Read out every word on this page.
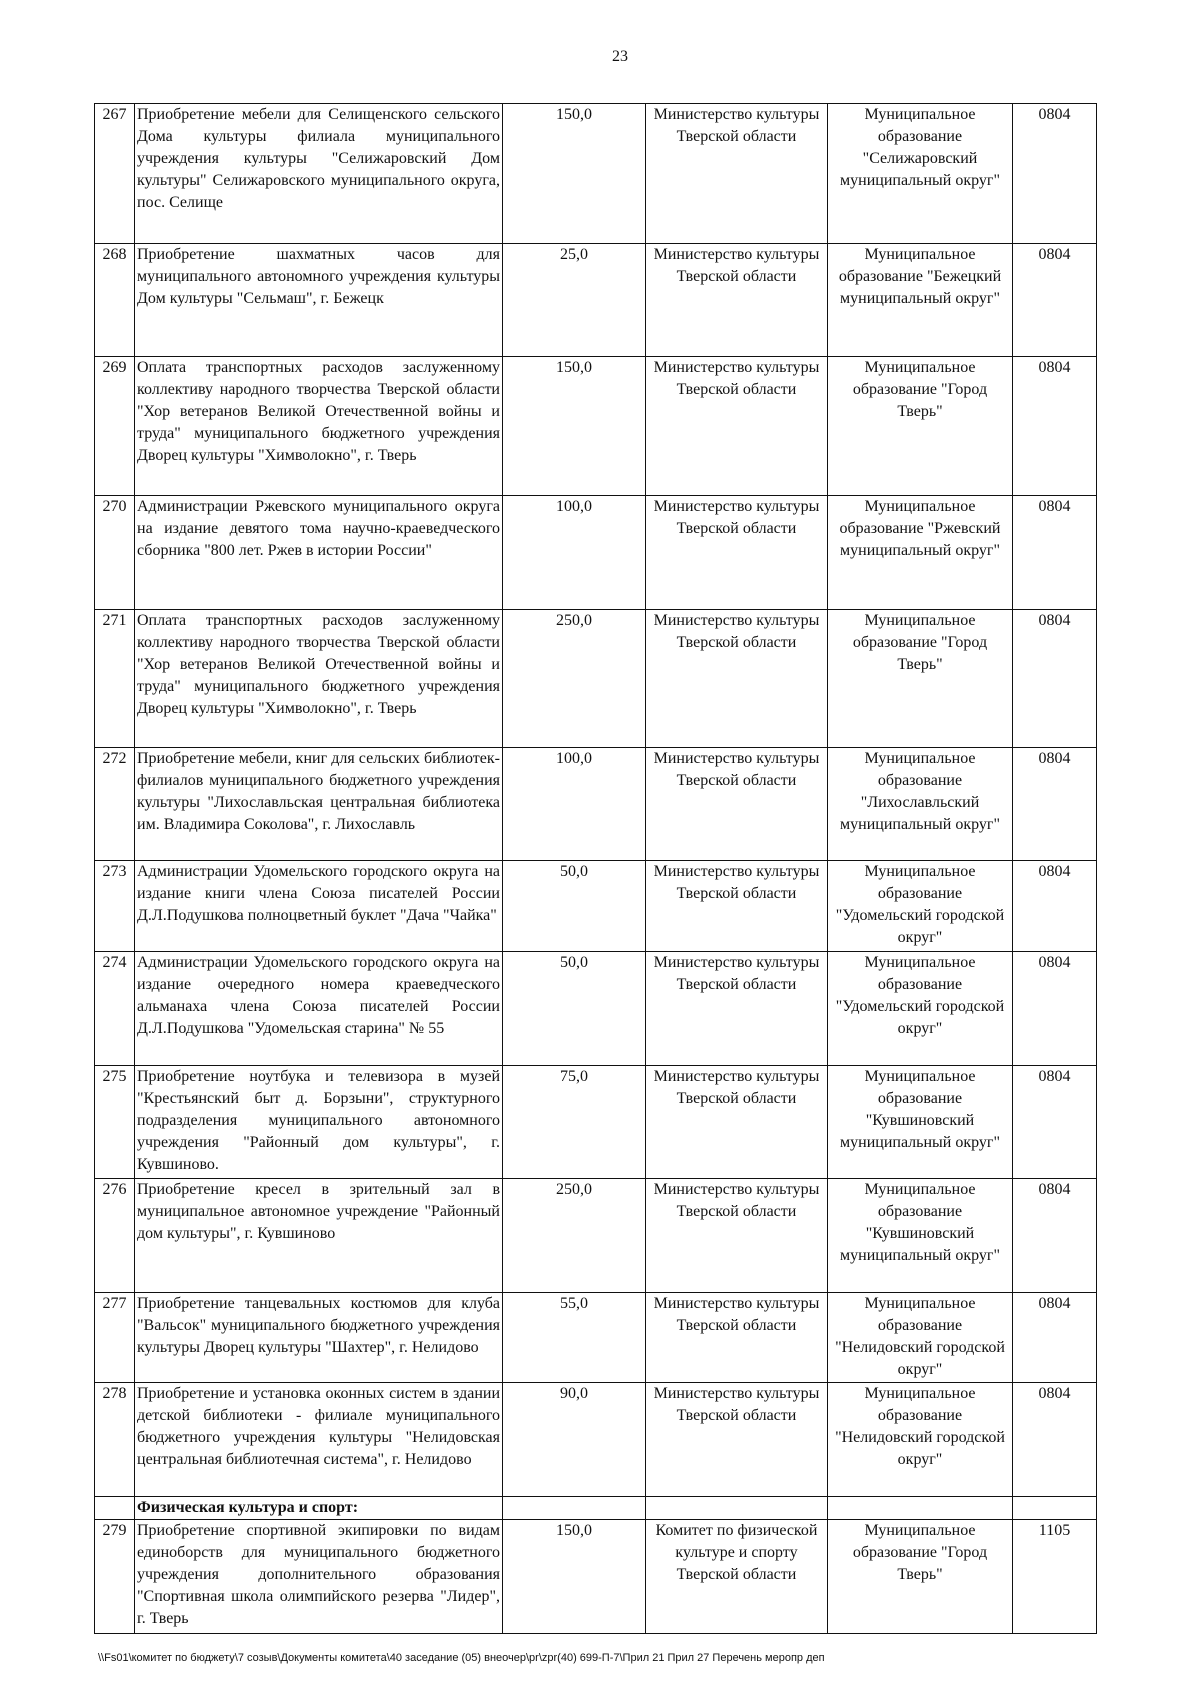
23
267	Приобретение мебели для Селищенского сельского Дома культуры филиала муниципального учреждения культуры "Селижаровский Дом культуры" Селижаровского муниципального округа, пос. Селище	150,0	Министерство культуры Тверской области	Муниципальное образование "Селижаровский муниципальный округ"	0804
268	Приобретение шахматных часов для муниципального автономного учреждения культуры Дом культуры "Сельмаш", г. Бежецк	25,0	Министерство культуры Тверской области	Муниципальное образование "Бежецкий муниципальный округ"	0804
269	Оплата транспортных расходов заслуженному коллективу народного творчества Тверской области "Хор ветеранов Великой Отечественной войны и труда" муниципального бюджетного учреждения Дворец культуры "Химволокно", г. Тверь	150,0	Министерство культуры Тверской области	Муниципальное образование "Город Тверь"	0804
270	Администрации Ржевского муниципального округа на издание девятого тома научно-краеведческого сборника "800 лет. Ржев в истории России"	100,0	Министерство культуры Тверской области	Муниципальное образование "Ржевский муниципальный округ"	0804
271	Оплата транспортных расходов заслуженному коллективу народного творчества Тверской области "Хор ветеранов Великой Отечественной войны и труда" муниципального бюджетного учреждения Дворец культуры "Химволокно", г. Тверь	250,0	Министерство культуры Тверской области	Муниципальное образование "Город Тверь"	0804
272	Приобретение мебели, книг для сельских библиотек-филиалов муниципального бюджетного учреждения культуры "Лихославльская центральная библиотека им. Владимира Соколова", г. Лихославль	100,0	Министерство культуры Тверской области	Муниципальное образование "Лихославльский муниципальный округ"	0804
273	Администрации Удомельского городского округа на издание книги члена Союза писателей России Д.Л.Подушкова полноцветный буклет "Дача "Чайка"	50,0	Министерство культуры Тверской области	Муниципальное образование "Удомельский городской округ"	0804
274	Администрации Удомельского городского округа на издание очередного номера краеведческого альманаха члена Союза писателей России Д.Л.Подушкова "Удомельская старина" № 55	50,0	Министерство культуры Тверской области	Муниципальное образование "Удомельский городской округ"	0804
275	Приобретение ноутбука и телевизора в музей "Крестьянский быт д. Борзыни", структурного подразделения муниципального автономного учреждения "Районный дом культуры", г. Кувшиново.	75,0	Министерство культуры Тверской области	Муниципальное образование "Кувшиновский муниципальный округ"	0804
276	Приобретение кресел в зрительный зал в муниципальное автономное учреждение "Районный дом культуры", г. Кувшиново	250,0	Министерство культуры Тверской области	Муниципальное образование "Кувшиновский муниципальный округ"	0804
277	Приобретение танцевальных костюмов для клуба "Вальсок" муниципального бюджетного учреждения культуры Дворец культуры "Шахтер", г. Нелидово	55,0	Министерство культуры Тверской области	Муниципальное образование "Нелидовский городской округ"	0804
278	Приобретение и установка оконных систем в здании детской библиотеки - филиале муниципального бюджетного учреждения культуры "Нелидовская центральная библиотечная система", г. Нелидово	90,0	Министерство культуры Тверской области	Муниципальное образование "Нелидовский городской округ"	0804
	Физическая культура и спорт:				
279	Приобретение спортивной экипировки по видам единоборств для муниципального бюджетного учреждения дополнительного образования "Спортивная школа олимпийского резерва "Лидер", г. Тверь	150,0	Комитет по физической культуре и спорту Тверской области	Муниципальное образование "Город Тверь"	1105
\\Fs01\комитет по бюджету\7 созыв\Документы комитета\40 заседание (05) внеочер\pr\zpr(40) 699-П-7\Прил 21 Прил 27 Перечень меропр деп
